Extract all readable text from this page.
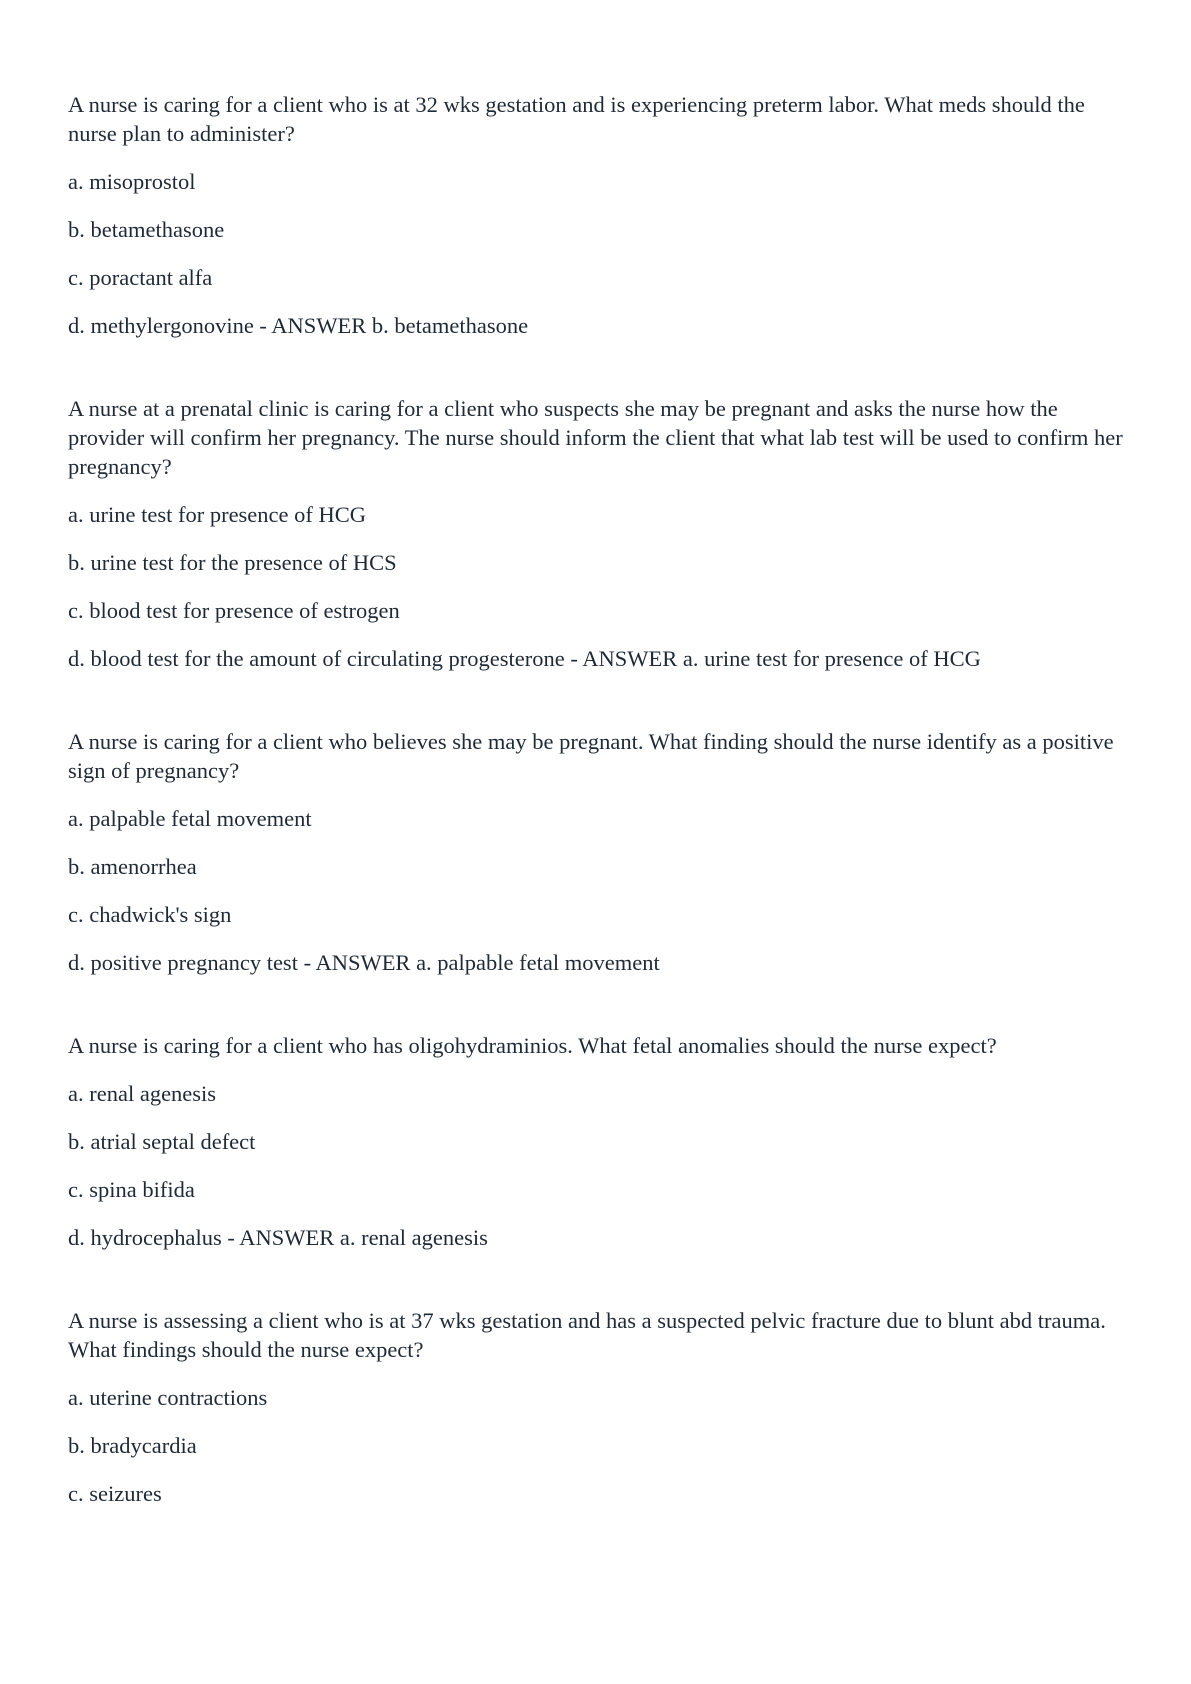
A nurse is caring for a client who is at 32 wks gestation and is experiencing preterm labor. What meds should the nurse plan to administer?

a. misoprostol

b. betamethasone

c. poractant alfa

d. methylergonovine - ANSWER b. betamethasone

A nurse at a prenatal clinic is caring for a client who suspects she may be pregnant and asks the nurse how the provider will confirm her pregnancy. The nurse should inform the client that what lab test will be used to confirm her pregnancy?

a. urine test for presence of HCG

b. urine test for the presence of HCS

c. blood test for presence of estrogen

d. blood test for the amount of circulating progesterone - ANSWER a. urine test for presence of HCG

A nurse is caring for a client who believes she may be pregnant. What finding should the nurse identify as a positive sign of pregnancy?

a. palpable fetal movement

b. amenorrhea

c. chadwick's sign

d. positive pregnancy test - ANSWER a. palpable fetal movement

A nurse is caring for a client who has oligohydraminios. What fetal anomalies should the nurse expect?

a. renal agenesis

b. atrial septal defect

c. spina bifida

d. hydrocephalus - ANSWER a. renal agenesis

A nurse is assessing a client who is at 37 wks gestation and has a suspected pelvic fracture due to blunt abd trauma. What findings should the nurse expect?

a. uterine contractions

b. bradycardia

c. seizures
